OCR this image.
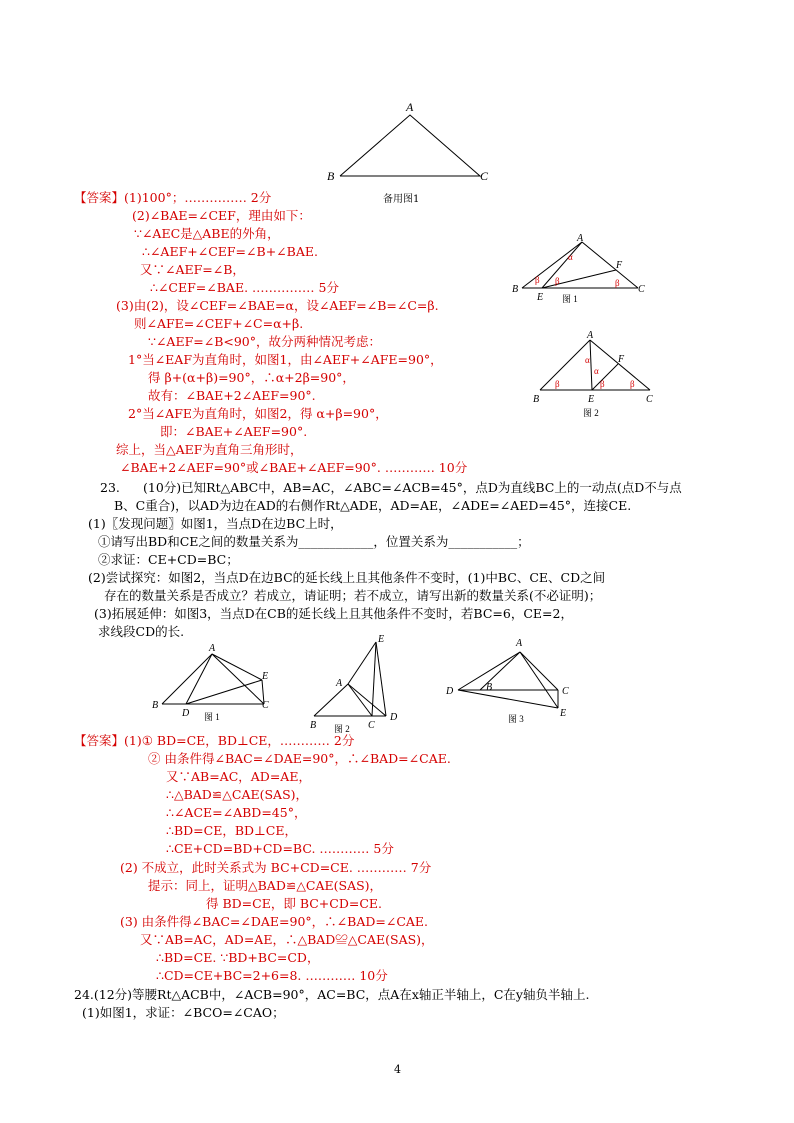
A
B	C
备用图1
β β
α
β
A
B	C
E
F
图 1
α
β
α
β	β
A
B	C
E
F
图 2
【答案】 (1)100°；…………… 2分
(2)∠BAE=∠CEF，理由如下：
∵∠AEC是△ABE的外角，
∴∠AEF+∠CEF=∠B+∠BAE.
又∵∠AEF=∠B，
∴∠CEF=∠BAE. …………… 5分
(3)由(2)，设∠CEF=∠BAE=α，设∠AEF=∠B=∠C=β.
则∠AFE=∠CEF+∠C=α+β.
∵∠AEF=∠B<90°，故分两种情况考虑：
1°当∠EAF为直角时，如图1，由∠AEF+∠AFE=90°，
得 β+(α+β)=90°，∴α+2β=90°，
故有：∠BAE+2∠AEF=90°.
2°当∠AFE为直角时，如图2，得 α+β=90°，
即：∠BAE+∠AEF=90°.
综上，当△AEF为直角三角形时，
∠BAE+2∠AEF=90°或∠BAE+∠AEF=90°. ………… 10分
23. (10分)已知Rt△ABC中，AB=AC，∠ABC=∠ACB=45°，点D为直线BC上的一动点(点D不与点
B、C重合)，以AD为边在AD的右侧作Rt△ADE，AD=AE，∠ADE=∠AED=45°，连接CE.
(1)〖发现问题〗如图1，当点D在边BC上时，
①请写出BD和CE之间的数量关系为____________，位置关系为___________；
②求证：CE+CD=BC；
(2)尝试探究：如图2，当点D在边BC的延长线上且其他条件不变时，(1)中BC、CE、CD之间
存在的数量关系是否成立？若成立，请证明；若不成立，请写出新的数量关系(不必证明)；
(3)拓展延伸：如图3，当点D在CB的延长线上且其他条件不变时，若BC=6，CE=2，
求线段CD的长.
A
B	C
D
E
图 1
E
A
B	C
D
图 2
A
D	B	C
E
图 3
【答案】 (1)① BD=CE，BD⊥CE，………… 2分
② 由条件得∠BAC=∠DAE=90°，∴∠BAD=∠CAE.
又∵AB=AC，AD=AE，
∴△BAD≌△CAE(SAS)，
∴∠ACE=∠ABD=45°，
∴BD=CE，BD⊥CE，
∴CE+CD=BD+CD=BC. ………… 5分
(2) 不成立，此时关系式为 BC+CD=CE. ………… 7分
提示：同上，证明△BAD≌△CAE(SAS)，
得 BD=CE，即 BC+CD=CE.
(3) 由条件得∠BAC=∠DAE=90°，∴∠BAD=∠CAE.
又∵AB=AC，AD=AE，∴△BAD≌△CAE(SAS)，
∴BD=CE. ∵BD+BC=CD，
∴CD=CE+BC=2+6=8. ………… 10分
24.(12分)等腰Rt△ACB中，∠ACB=90°，AC=BC，点A在x轴正半轴上，C在y轴负半轴上.
(1)如图1，求证：∠BCO=∠CAO；
4
